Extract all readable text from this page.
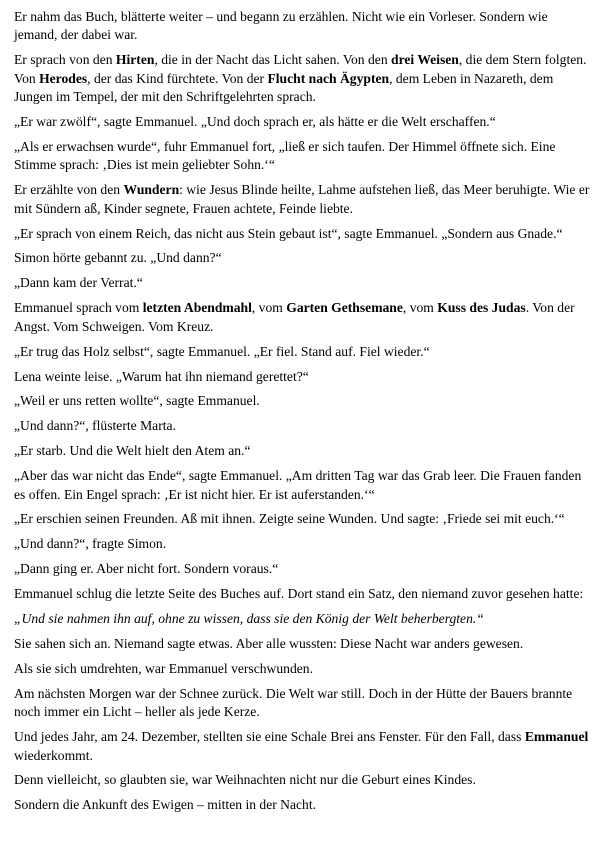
Er nahm das Buch, blätterte weiter – und begann zu erzählen. Nicht wie ein Vorleser. Sondern wie jemand, der dabei war.

Er sprach von den Hirten, die in der Nacht das Licht sahen. Von den drei Weisen, die dem Stern folgten. Von Herodes, der das Kind fürchtete. Von der Flucht nach Ägypten, dem Leben in Nazareth, dem Jungen im Tempel, der mit den Schriftgelehrten sprach.

„Er war zwölf“, sagte Emmanuel. „Und doch sprach er, als hätte er die Welt erschaffen.“

„Als er erwachsen wurde“, fuhr Emmanuel fort, „ließ er sich taufen. Der Himmel öffnete sich. Eine Stimme sprach: ‚Dies ist mein geliebter Sohn.‘“

Er erzählte von den Wundern: wie Jesus Blinde heilte, Lahme aufstehen ließ, das Meer beruhigte. Wie er mit Sündern aß, Kinder segnete, Frauen achtete, Feinde liebte.

„Er sprach von einem Reich, das nicht aus Stein gebaut ist“, sagte Emmanuel. „Sondern aus Gnade.“

Simon hörte gebannt zu. „Und dann?“

„Dann kam der Verrat.“

Emmanuel sprach vom letzten Abendmahl, vom Garten Gethsemane, vom Kuss des Judas. Von der Angst. Vom Schweigen. Vom Kreuz.

„Er trug das Holz selbst“, sagte Emmanuel. „Er fiel. Stand auf. Fiel wieder.“

Lena weinte leise. „Warum hat ihn niemand gerettet?“

„Weil er uns retten wollte“, sagte Emmanuel.

„Und dann?“, flüsterte Marta.

„Er starb. Und die Welt hielt den Atem an.“

„Aber das war nicht das Ende“, sagte Emmanuel. „Am dritten Tag war das Grab leer. Die Frauen fanden es offen. Ein Engel sprach: ‚Er ist nicht hier. Er ist auferstanden.‘“

„Er erschien seinen Freunden. Aß mit ihnen. Zeigte seine Wunden. Und sagte: ‚Friede sei mit euch.‘“

„Und dann?“, fragte Simon.

„Dann ging er. Aber nicht fort. Sondern voraus.“

Emmanuel schlug die letzte Seite des Buches auf. Dort stand ein Satz, den niemand zuvor gesehen hatte:

„Und sie nahmen ihn auf, ohne zu wissen, dass sie den König der Welt beherbergten.“

Sie sahen sich an. Niemand sagte etwas. Aber alle wussten: Diese Nacht war anders gewesen.

Als sie sich umdrehten, war Emmanuel verschwunden.

Am nächsten Morgen war der Schnee zurück. Die Welt war still. Doch in der Hütte der Bauers brannte noch immer ein Licht – heller als jede Kerze.

Und jedes Jahr, am 24. Dezember, stellten sie eine Schale Brei ans Fenster. Für den Fall, dass Emmanuel wiederkommt.

Denn vielleicht, so glaubten sie, war Weihnachten nicht nur die Geburt eines Kindes.

Sondern die Ankunft des Ewigen – mitten in der Nacht.
